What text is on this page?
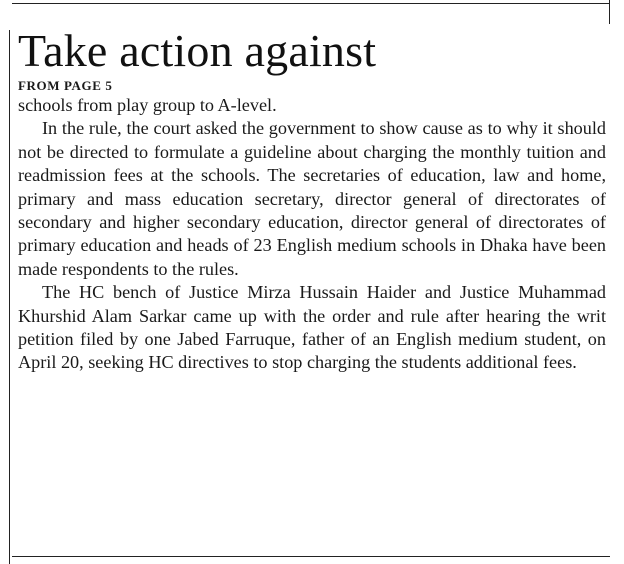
Take action against

FROM PAGE 5

schools from play group to A-level.

In the rule, the court asked the government to show cause as to why it should not be directed to formulate a guideline about charging the monthly tuition and readmission fees at the schools. The secretaries of education, law and home, primary and mass education secretary, director general of directorates of secondary and higher secondary education, director general of directorates of primary education and heads of 23 English medium schools in Dhaka have been made respondents to the rules.

The HC bench of Justice Mirza Hussain Haider and Justice Muhammad Khurshid Alam Sarkar came up with the order and rule after hearing the writ petition filed by one Jabed Farruque, father of an English medium student, on April 20, seeking HC directives to stop charging the students additional fees.
